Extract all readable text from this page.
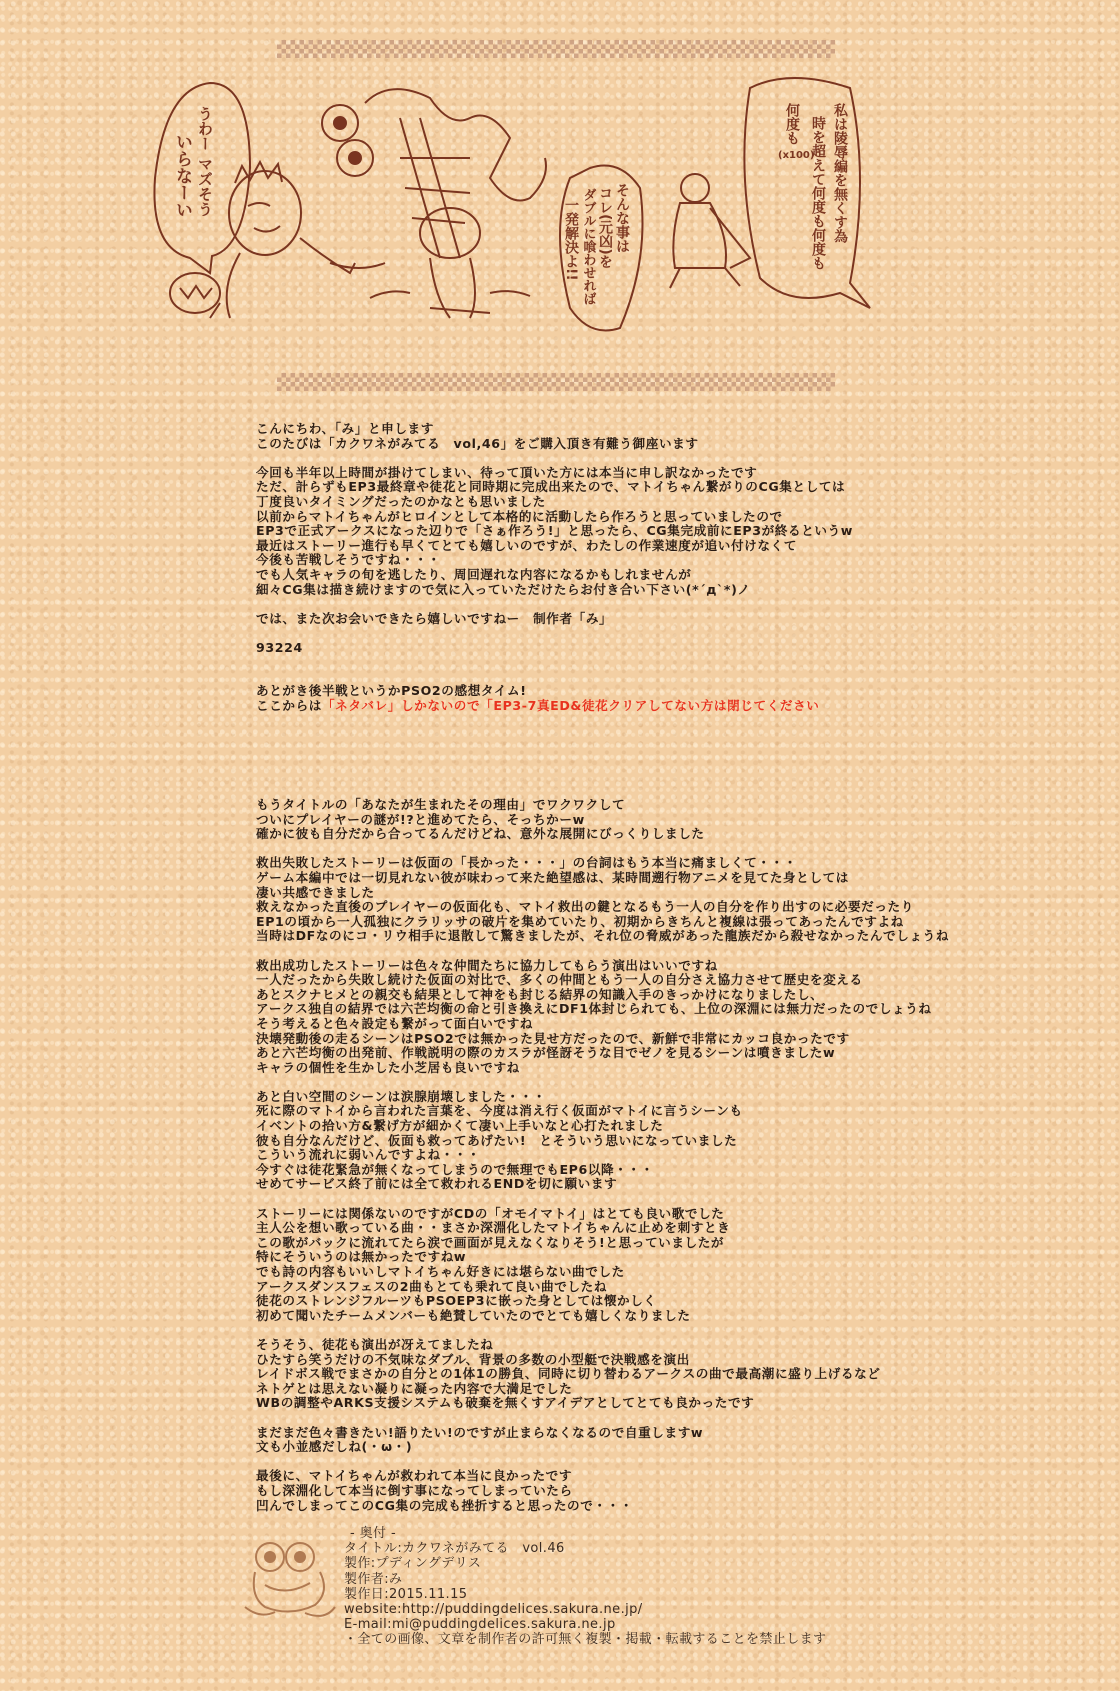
うわー マズそう
いらなーい	そんな事は
コレ(元凶)を
ダブルに喰わせれば
一発解決よ!!	私は陵辱編を無くす為
時を超えて何度も何度も
何度も
(x100)

こんにちわ、「み」と申します

このたびは「カクワネがみてる　vol,46」をご購入頂き有難う御座います

今回も半年以上時間が掛けてしまい、待って頂いた方には本当に申し訳なかったです

ただ、計らずもEP3最終章や徒花と同時期に完成出来たので、マトイちゃん繋がりのCG集としては

丁度良いタイミングだったのかなとも思いました

以前からマトイちゃんがヒロインとして本格的に活動したら作ろうと思っていましたので

EP3で正式アークスになった辺りで「さぁ作ろう!」と思ったら、CG集完成前にEP3が終るというw

最近はストーリー進行も早くてとても嬉しいのですが、わたしの作業速度が追い付けなくて

今後も苦戦しそうですね・・・

でも人気キャラの旬を逃したり、周回遅れな内容になるかもしれませんが

細々CG集は描き続けますので気に入っていただけたらお付き合い下さい(*´д`*)ノ

では、また次お会いできたら嬉しいですねー　制作者「み」

93224

あとがき後半戦というかPSO2の感想タイム!

ここからは「ネタバレ」しかないので「EP3-7真ED&徒花クリアしてない方は閉じてください

もうタイトルの「あなたが生まれたその理由」でワクワクして

ついにプレイヤーの謎が!?と進めてたら、そっちかーw

確かに彼も自分だから合ってるんだけどね、意外な展開にびっくりしました

救出失敗したストーリーは仮面の「長かった・・・」の台詞はもう本当に痛ましくて・・・

ゲーム本編中では一切見れない彼が味わって来た絶望感は、某時間遡行物アニメを見てた身としては

凄い共感できました

救えなかった直後のプレイヤーの仮面化も、マトイ救出の鍵となるもう一人の自分を作り出すのに必要だったり

EP1の頃から一人孤独にクラリッサの破片を集めていたり、初期からきちんと複線は張ってあったんですよね

当時はDFなのにコ・リウ相手に退散して驚きましたが、それ位の脅威があった龍族だから殺せなかったんでしょうね

救出成功したストーリーは色々な仲間たちに協力してもらう演出はいいですね

一人だったから失敗し続けた仮面の対比で、多くの仲間ともう一人の自分さえ協力させて歴史を変える

あとスクナヒメとの親交も結果として神をも封じる結界の知識入手のきっかけになりましたし、

アークス独自の結界では六芒均衡の命と引き換えにDF1体封じられても、上位の深淵には無力だったのでしょうね

そう考えると色々設定も繋がって面白いですね

決壊発動後の走るシーンはPSO2では無かった見せ方だったので、新鮮で非常にカッコ良かったです

あと六芒均衡の出発前、作戦説明の際のカスラが怪訝そうな目でゼノを見るシーンは噴きましたw

キャラの個性を生かした小芝居も良いですね

あと白い空間のシーンは涙腺崩壊しました・・・

死に際のマトイから言われた言葉を、今度は消え行く仮面がマトイに言うシーンも

イベントの拾い方&繋げ方が細かくて凄い上手いなと心打たれました

彼も自分なんだけど、仮面も救ってあげたい!　とそういう思いになっていました

こういう流れに弱いんですよね・・・

今すぐは徒花緊急が無くなってしまうので無理でもEP6以降・・・

せめてサービス終了前には全て救われるENDを切に願います

ストーリーには関係ないのですがCDの「オモイマトイ」はとても良い歌でした

主人公を想い歌っている曲・・まさか深淵化したマトイちゃんに止めを刺すとき

この歌がバックに流れてたら涙で画面が見えなくなりそう!と思っていましたが

特にそういうのは無かったですねw

でも詩の内容もいいしマトイちゃん好きには堪らない曲でした

アークスダンスフェスの2曲もとても乗れて良い曲でしたね

徒花のストレンジフルーツもPSOEP3に嵌った身としては懐かしく

初めて聞いたチームメンバーも絶賛していたのでとても嬉しくなりました

そうそう、徒花も演出が冴えてましたね

ひたすら笑うだけの不気味なダブル、背景の多数の小型艇で決戦感を演出

レイドボス戦でまさかの自分との1体1の勝負、同時に切り替わるアークスの曲で最高潮に盛り上げるなど

ネトゲとは思えない凝りに凝った内容で大満足でした

WBの調整やARKS支援システムも破棄を無くすアイデアとしてとても良かったです

まだまだ色々書きたい!語りたい!のですが止まらなくなるので自重しますw

文も小並感だしね(・ω・)

最後に、マトイちゃんが救われて本当に良かったです

もし深淵化して本当に倒す事になってしまっていたら

凹んでしまってこのCG集の完成も挫折すると思ったので・・・

- 奥付 -

タイトル:カクワネがみてる　vol.46

製作:プディングデリス

製作者:み

製作日:2015.11.15

website:http://puddingdelices.sakura.ne.jp/

E-mail:mi@puddingdelices.sakura.ne.jp

・全ての画像、文章を制作者の許可無く複製・掲載・転載することを禁止します
